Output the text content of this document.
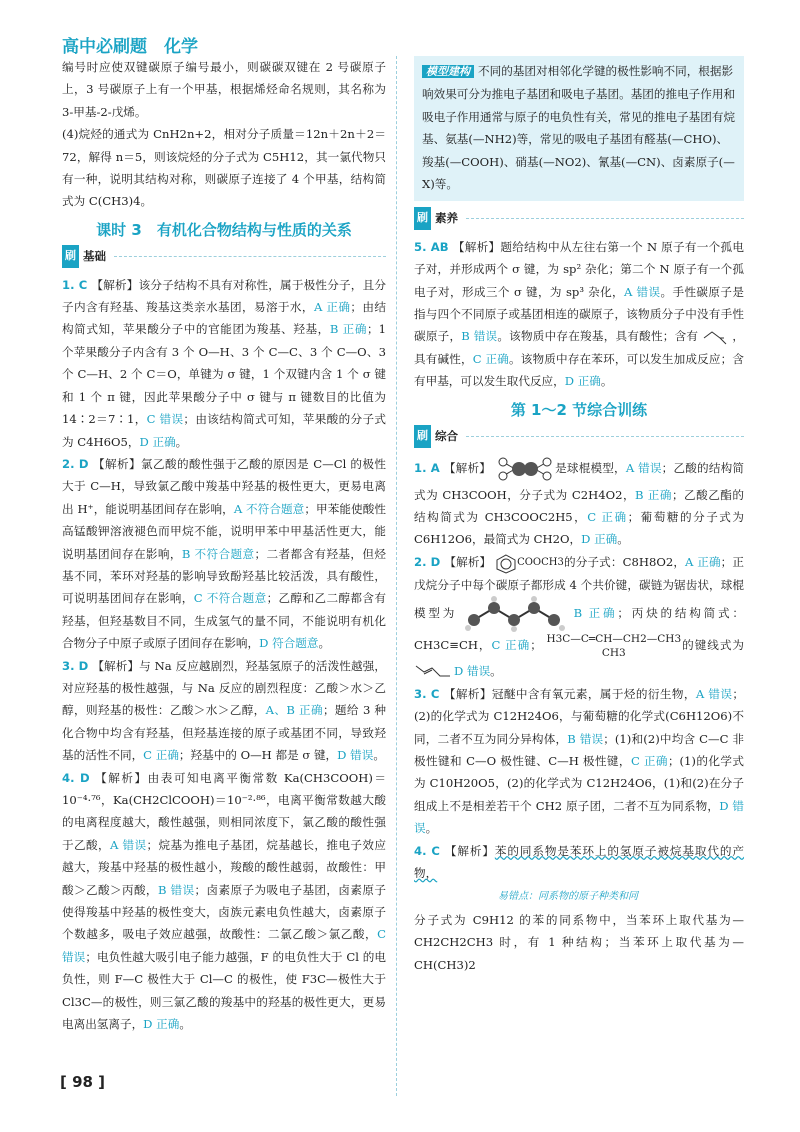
高中必刷题　化学

编号时应使双键碳原子编号最小，则碳碳双键在 2 号碳原子上，3 号碳原子上有一个甲基，根据烯烃命名规则，其名称为 3-甲基-2-戊烯。

(4)烷烃的通式为 CnH2n+2，相对分子质量＝12n＋2n＋2＝72，解得 n＝5，则该烷烃的分子式为 C5H12，其一氯代物只有一种，说明其结构对称，则碳原子连接了 4 个甲基，结构简式为 C(CH3)4。

课时 3　有机化合物结构与性质的关系
刷 基础

1. C 【解析】该分子结构不具有对称性，属于极性分子，且分子内含有羟基、羧基这类亲水基团，易溶于水，A 正确；由结构简式知，苹果酸分子中的官能团为羧基、羟基，B 正确；1 个苹果酸分子内含有 3 个 O—H、3 个 C—C、3 个 C—O、3 个 C—H、2 个 C＝O，单键为 σ 键，1 个双键内含 1 个 σ 键和 1 个 π 键，因此苹果酸分子中 σ 键与 π 键数目的比值为 14∶2＝7∶1，C 错误；由该结构简式可知，苹果酸的分子式为 C4H6O5，D 正确。

2. D 【解析】氯乙酸的酸性强于乙酸的原因是 C—Cl 的极性大于 C—H，导致氯乙酸中羧基中羟基的极性更大，更易电离出 H⁺，能说明基团间存在影响，A 不符合题意；甲苯能使酸性高锰酸钾溶液褪色而甲烷不能，说明甲苯中甲基活性更大，能说明基团间存在影响，B 不符合题意；二者都含有羟基，但烃基不同，苯环对羟基的影响导致酚羟基比较活泼，具有酸性，可说明基团间存在影响，C 不符合题意；乙醇和乙二醇都含有羟基，但羟基数目不同，生成氢气的量不同，不能说明有机化合物分子中原子或原子团间存在影响，D 符合题意。

3. D 【解析】与 Na 反应越剧烈，羟基氢原子的活泼性越强，对应羟基的极性越强，与 Na 反应的剧烈程度：乙酸＞水＞乙醇，则羟基的极性：乙酸＞水＞乙醇，A、B 正确；题给 3 种化合物中均含有羟基，但羟基连接的原子或基团不同，导致羟基的活性不同，C 正确；羟基中的 O—H 都是 σ 键，D 错误。

4. D 【解析】由表可知电离平衡常数 Ka(CH3COOH)＝10⁻⁴·⁷⁶，Ka(CH2ClCOOH)＝10⁻²·⁸⁶，电离平衡常数越大酸的电离程度越大，酸性越强，则相同浓度下，氯乙酸的酸性强于乙酸，A 错误；烷基为推电子基团，烷基越长，推电子效应越大，羧基中羟基的极性越小，羧酸的酸性越弱，故酸性：甲酸＞乙酸＞丙酸，B 错误；卤素原子为吸电子基团，卤素原子使得羧基中羟基的极性变大，卤族元素电负性越大，卤素原子个数越多，吸电子效应越强，故酸性：二氯乙酸＞氯乙酸，C 错误；电负性越大吸引电子能力越强，F 的电负性大于 Cl 的电负性，则 F—C 极性大于 Cl—C 的极性，使 F3C—极性大于 Cl3C—的极性，则三氯乙酸的羧基中的羟基的极性更大，更易电离出氢离子，D 正确。

模型建构 不同的基团对相邻化学键的极性影响不同，根据影响效果可分为推电子基团和吸电子基团。基团的推电子作用和吸电子作用通常与原子的电负性有关，常见的推电子基团有烷基、氨基(—NH2)等，常见的吸电子基团有醛基(—CHO)、羧基(—COOH)、硝基(—NO2)、氰基(—CN)、卤素原子(—X)等。
刷 素养

5. AB 【解析】题给结构中从左往右第一个 N 原子有一个孤电子对，并形成两个 σ 键，为 sp² 杂化；第二个 N 原子有一个孤电子对，形成三个 σ 键，为 sp³ 杂化，A 错误。手性碳原子是指与四个不同原子或基团相连的碳原子，该物质分子中没有手性碳原子，B 错误。该物质中存在羧基，具有酸性；含有	，具有碱性，C 正确。该物质中存在苯环，可以发生加成反应；含有甲基，可以发生取代反应，D 正确。

第 1～2 节综合训练
刷 综合

1. A 【解析】	是球棍模型，A 错误；乙酸的结构简式为 CH3COOH，分子式为 C2H4O2，B 正确；乙酸乙酯的结构简式为 CH3COOC2H5，C 正确；葡萄糖的分子式为 C6H12O6，最简式为 CH2O，D 正确。

2. D 【解析】	COOCH3的分子式：C8H8O2，A 正确；正戊烷分子中每个碳原子都形成 4 个共价键，碳链为锯齿状，球棍模型为	B 正确；丙炔的结构简式： CH3C≡CH，C 正确； H3C—C═CH—CH2—CH3
CH3的键线式为 D 错误。

3. C 【解析】冠醚中含有氧元素，属于烃的衍生物，A 错误；(2)的化学式为 C12H24O6，与葡萄糖的化学式(C6H12O6)不同，二者不互为同分异构体，B 错误；(1)和(2)中均含 C—C 非极性键和 C—O 极性键、C—H 极性键，C 正确；(1)的化学式为 C10H20O5，(2)的化学式为 C12H24O6，(1)和(2)在分子组成上不是相差若干个 CH2 原子团，二者不互为同系物，D 错误。

4. C 【解析】苯的同系物是苯环上的氢原子被烷基取代的产物，
易错点：同系物的原子种类和同
分子式为 C9H12 的苯的同系物中，当苯环上取代基为—CH2CH2CH3 时，有 1 种结构；当苯环上取代基为—CH(CH3)2

[ 98 ]
